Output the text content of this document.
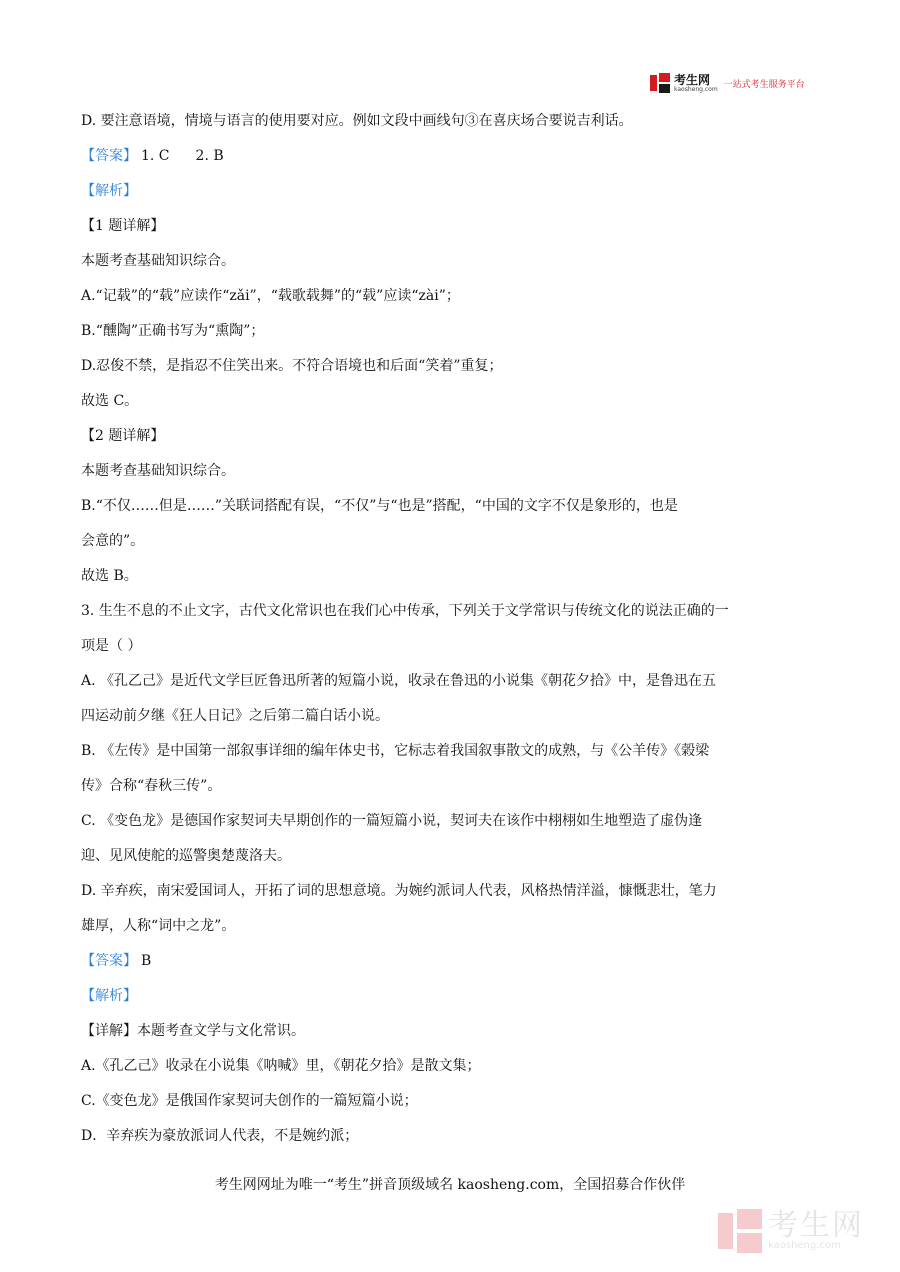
考生网
kaosheng.com 一站式考生服务平台
D. 要注意语境，情境与语言的使用要对应。例如文段中画线句③在喜庆场合要说吉利话。
【答案】 1. C 2. B
【解析】
【1 题详解】
本题考查基础知识综合。
A.“记载”的“载”应读作“zǎi”，“载歌载舞”的“载”应读“zài”；
B.“醺陶”正确书写为“熏陶”；
D.忍俊不禁，是指忍不住笑出来。不符合语境也和后面“笑着”重复；
故选 C。
【2 题详解】
本题考查基础知识综合。
B.“不仅……但是……”关联词搭配有误，“不仅”与“也是”搭配，“中国的文字不仅是象形的，也是
会意的”。
故选 B。
3. 生生不息的不止文字，古代文化常识也在我们心中传承，下列关于文学常识与传统文化的说法正确的一
项是（ ）
A. 《孔乙己》是近代文学巨匠鲁迅所著的短篇小说，收录在鲁迅的小说集《朝花夕拾》中，是鲁迅在五
四运动前夕继《狂人日记》之后第二篇白话小说。
B. 《左传》是中国第一部叙事详细的编年体史书，它标志着我国叙事散文的成熟，与《公羊传》《榖梁
传》合称“春秋三传”。
C. 《变色龙》是德国作家契诃夫早期创作的一篇短篇小说，契诃夫在该作中栩栩如生地塑造了虚伪逢
迎、见风使舵的巡警奥楚蔑洛夫。
D. 辛弃疾，南宋爱国词人，开拓了词的思想意境。为婉约派词人代表，风格热情洋溢，慷慨悲壮，笔力
雄厚，人称“词中之龙”。
【答案】 B
【解析】
【详解】本题考查文学与文化常识。
A.《孔乙己》收录在小说集《呐喊》里，《朝花夕拾》是散文集；
C.《变色龙》是俄国作家契诃夫创作的一篇短篇小说；
D．辛弃疾为豪放派词人代表，不是婉约派；
考生网网址为唯一“考生”拼音顶级域名 kaosheng.com，全国招募合作伙伴
考生网
kaosheng.com
